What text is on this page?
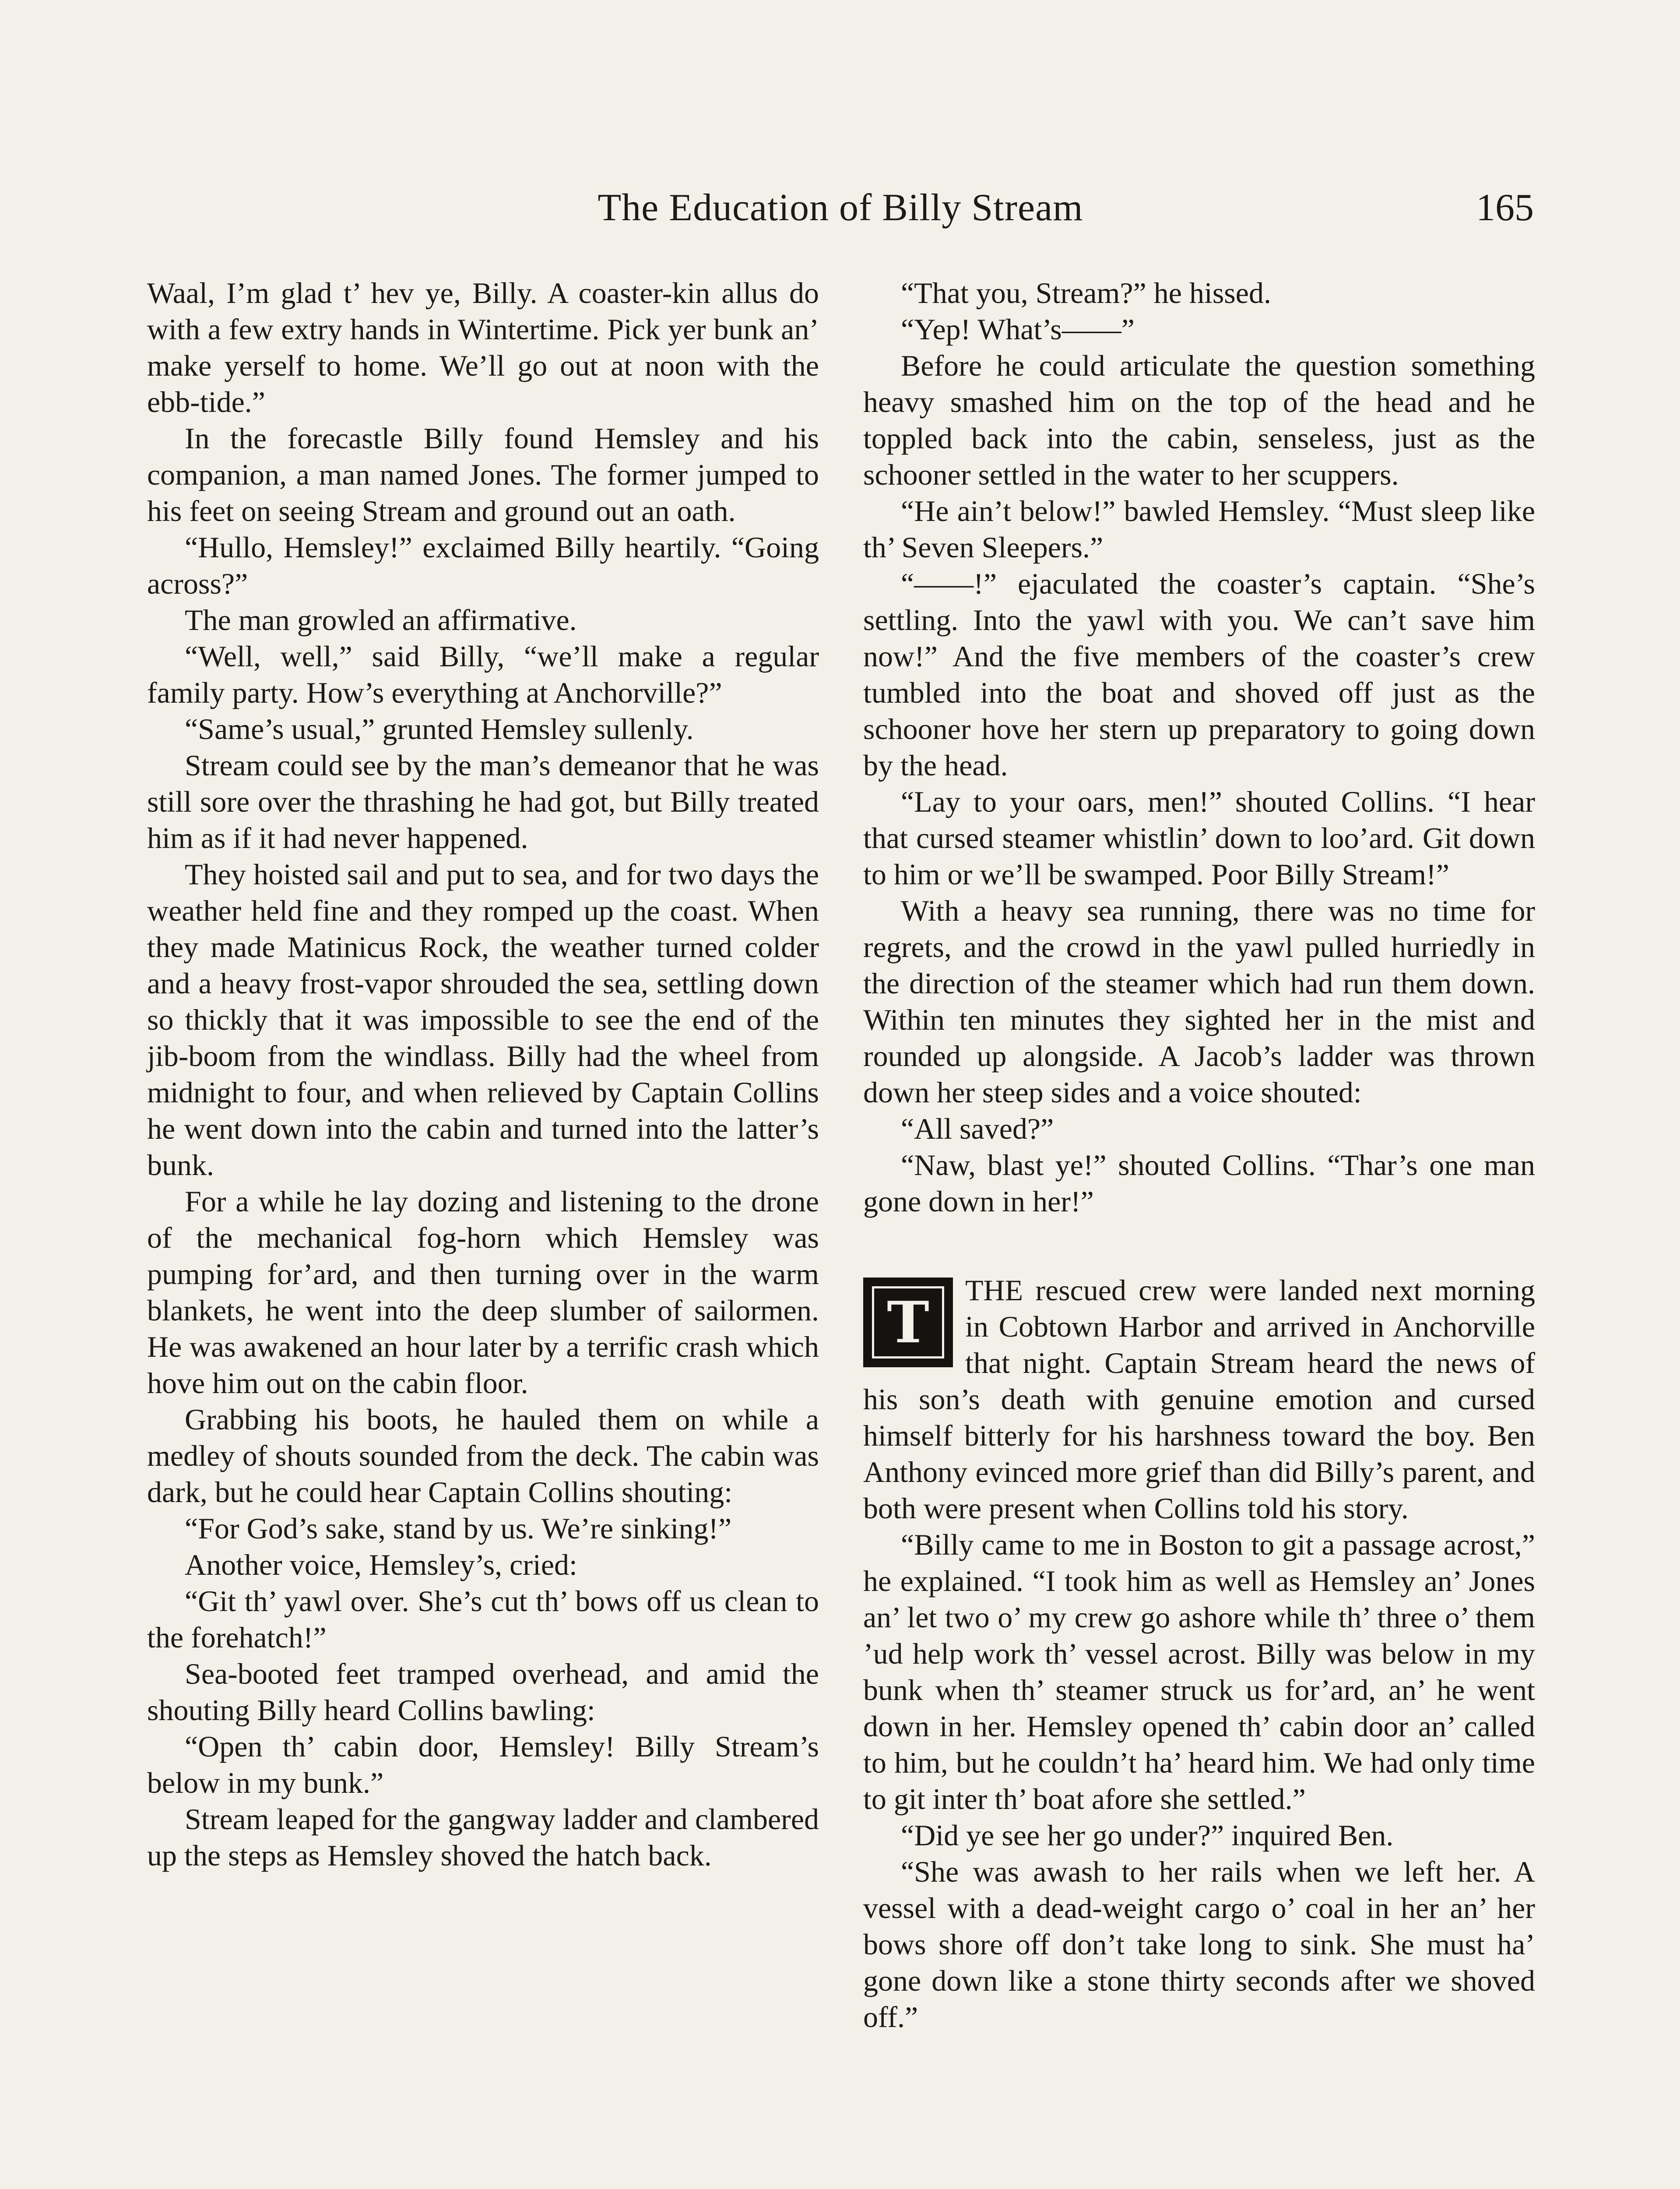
The Education of Billy Stream	165

Waal, I’m glad t’ hev ye, Billy. A coaster-kin allus do with a few extry hands in Wintertime. Pick yer bunk an’ make yerself to home. We’ll go out at noon with the ebb-tide.”

In the forecastle Billy found Hemsley and his companion, a man named Jones. The former jumped to his feet on seeing Stream and ground out an oath.

“Hullo, Hemsley!” exclaimed Billy heartily. “Going across?”

The man growled an affirmative.

“Well, well,” said Billy, “we’ll make a regular family party. How’s everything at Anchorville?”

“Same’s usual,” grunted Hemsley sullenly.

Stream could see by the man’s demeanor that he was still sore over the thrashing he had got, but Billy treated him as if it had never happened.

They hoisted sail and put to sea, and for two days the weather held fine and they romped up the coast. When they made Matinicus Rock, the weather turned colder and a heavy frost-vapor shrouded the sea, settling down so thickly that it was impossible to see the end of the jib-boom from the windlass. Billy had the wheel from midnight to four, and when relieved by Captain Collins he went down into the cabin and turned into the latter’s bunk.

For a while he lay dozing and listening to the drone of the mechanical fog-horn which Hemsley was pumping for’ard, and then turning over in the warm blankets, he went into the deep slumber of sailormen. He was awakened an hour later by a terrific crash which hove him out on the cabin floor.

Grabbing his boots, he hauled them on while a medley of shouts sounded from the deck. The cabin was dark, but he could hear Captain Collins shouting:

“For God’s sake, stand by us. We’re sinking!”

Another voice, Hemsley’s, cried:

“Git th’ yawl over. She’s cut th’ bows off us clean to the forehatch!”

Sea-booted feet tramped overhead, and amid the shouting Billy heard Collins bawling:

“Open th’ cabin door, Hemsley! Billy Stream’s below in my bunk.”

Stream leaped for the gangway ladder and clambered up the steps as Hemsley shoved the hatch back.

“That you, Stream?” he hissed.

“Yep! What’s——”

Before he could articulate the question something heavy smashed him on the top of the head and he toppled back into the cabin, senseless, just as the schooner settled in the water to her scuppers.

“He ain’t below!” bawled Hemsley. “Must sleep like th’ Seven Sleepers.”

“——!” ejaculated the coaster’s captain. “She’s settling. Into the yawl with you. We can’t save him now!” And the five members of the coaster’s crew tumbled into the boat and shoved off just as the schooner hove her stern up preparatory to going down by the head.

“Lay to your oars, men!” shouted Collins. “I hear that cursed steamer whistlin’ down to loo’ard. Git down to him or we’ll be swamped. Poor Billy Stream!”

With a heavy sea running, there was no time for regrets, and the crowd in the yawl pulled hurriedly in the direction of the steamer which had run them down. Within ten minutes they sighted her in the mist and rounded up alongside. A Jacob’s ladder was thrown down her steep sides and a voice shouted:

“All saved?”

“Naw, blast ye!” shouted Collins. “Thar’s one man gone down in her!”

T THE rescued crew were landed next morning in Cobtown Harbor and arrived in Anchorville that night. Captain Stream heard the news of his son’s death with genuine emotion and cursed himself bitterly for his harshness toward the boy. Ben Anthony evinced more grief than did Billy’s parent, and both were present when Collins told his story.

“Billy came to me in Boston to git a passage acrost,” he explained. “I took him as well as Hemsley an’ Jones an’ let two o’ my crew go ashore while th’ three o’ them ’ud help work th’ vessel acrost. Billy was below in my bunk when th’ steamer struck us for’ard, an’ he went down in her. Hemsley opened th’ cabin door an’ called to him, but he couldn’t ha’ heard him. We had only time to git inter th’ boat afore she settled.”

“Did ye see her go under?” inquired Ben.

“She was awash to her rails when we left her. A vessel with a dead-weight cargo o’ coal in her an’ her bows shore off don’t take long to sink. She must ha’ gone down like a stone thirty seconds after we shoved off.”
